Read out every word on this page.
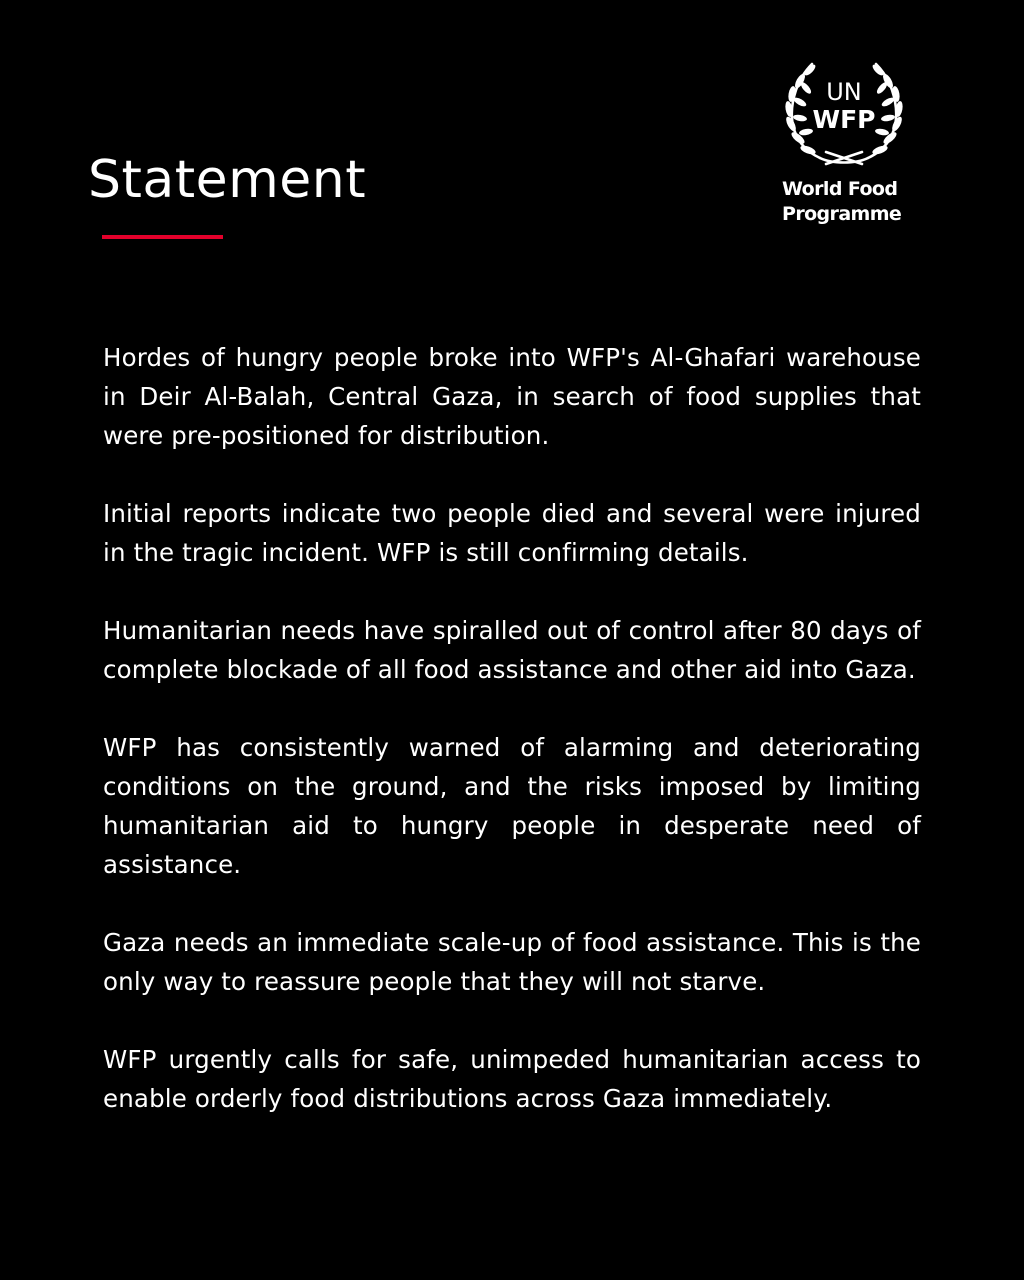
Statement
UN
WFP
World Food
Programme

Hordes of hungry people broke into WFP's Al-Ghafari warehouse in Deir Al-Balah, Central Gaza, in search of food supplies that were pre-positioned for distribution.

Initial reports indicate two people died and several were injured in the tragic incident. WFP is still confirming details.

Humanitarian needs have spiralled out of control after 80 days of complete blockade of all food assistance and other aid into Gaza.

WFP has consistently warned of alarming and deteriorating conditions on the ground, and the risks imposed by limiting humanitarian aid to hungry people in desperate need of assistance.

Gaza needs an immediate scale-up of food assistance. This is the only way to reassure people that they will not starve.

WFP urgently calls for safe, unimpeded humanitarian access to enable orderly food distributions across Gaza immediately.
